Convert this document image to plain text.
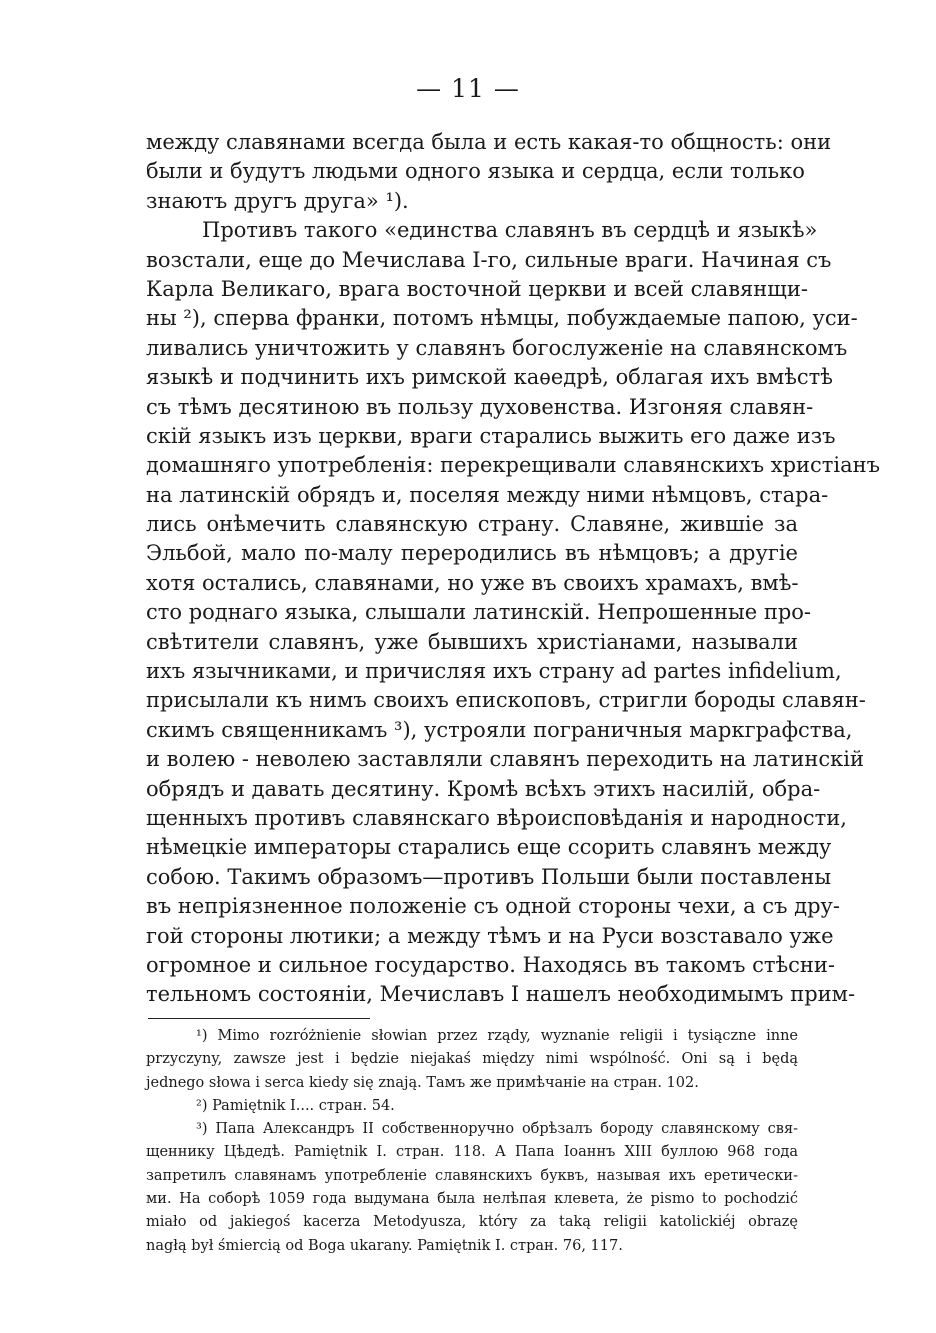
— 11 —
между славянами всегда была и есть какая-то общность: они
были и будутъ людьми одного языка и сердца, если только
знаютъ другъ друга» ¹).
Противъ такого «единства славянъ въ сердцѣ и языкѣ»
возстали, еще до Мечислава I-го, сильные враги. Начиная съ
Карла Великаго, врага восточной церкви и всей славянщи-
ны ²), сперва франки, потомъ нѣмцы, побуждаемые папою, уси-
ливались уничтожить у славянъ богослуженіе на славянскомъ
языкѣ и подчинить ихъ римской каѳедрѣ, облагая ихъ вмѣстѣ
съ тѣмъ десятиною въ пользу духовенства. Изгоняя славян-
скій языкъ изъ церкви, враги старались выжить его даже изъ
домашняго употребленія: перекрещивали славянскихъ христіанъ
на латинскій обрядъ и, поселяя между ними нѣмцовъ, стара-
лись онѣмечить славянскую страну. Славяне, жившіе за
Эльбой, мало по-малу переродились въ нѣмцовъ; а другіе
хотя остались, славянами, но уже въ своихъ храмахъ, вмѣ-
сто роднаго языка, слышали латинскій. Непрошенные про-
свѣтители славянъ, уже бывшихъ христіанами, называли
ихъ язычниками, и причисляя ихъ страну ad partes infidelium,
присылали къ нимъ своихъ епископовъ, стригли бороды славян-
скимъ священникамъ ³), устрояли пограничныя маркграфства,
и волею - неволею заставляли славянъ переходить на латинскій
обрядъ и давать десятину. Кромѣ всѣхъ этихъ насилій, обра-
щенныхъ противъ славянскаго вѣроисповѣданія и народности,
нѣмецкіе императоры старались еще ссорить славянъ между
собою. Такимъ образомъ—противъ Польши были поставлены
въ непріязненное положеніе съ одной стороны чехи, а съ дру-
гой стороны лютики; а между тѣмъ и на Руси возставало уже
огромное и сильное государство. Находясь въ такомъ стѣсни-
тельномъ состояніи, Мечиславъ I нашелъ необходимымъ прим-
¹) Mimo rozróżnienie słowian przez rządy, wyznanie religii i tysiączne inne
przyczyny, zawsze jest i będzie niejakaś między nimi wspólność. Oni są i będą
jednego słowa i serca kiedy się znają. Тамъ же примѣчаніе на стран. 102.
²) Pamiętnik I.... стран. 54.
³) Папа Александръ II собственноручно обрѣзалъ бороду славянскому свя-
щеннику Цѣдедѣ. Pamiętnik I. стран. 118. А Папа Іоаннъ XIII буллою 968 года
запретилъ славянамъ употребленіе славянскихъ буквъ, называя ихъ еретически-
ми. На соборѣ 1059 года выдумана была нелѣпая клевета, że pismo to pochodzić
miało od jakiegoś kacerza Metodyusza, który za taką religii katolickiéj obrazę
nagłą był śmiercią od Boga ukarany. Pamiętnik I. стран. 76, 117.
